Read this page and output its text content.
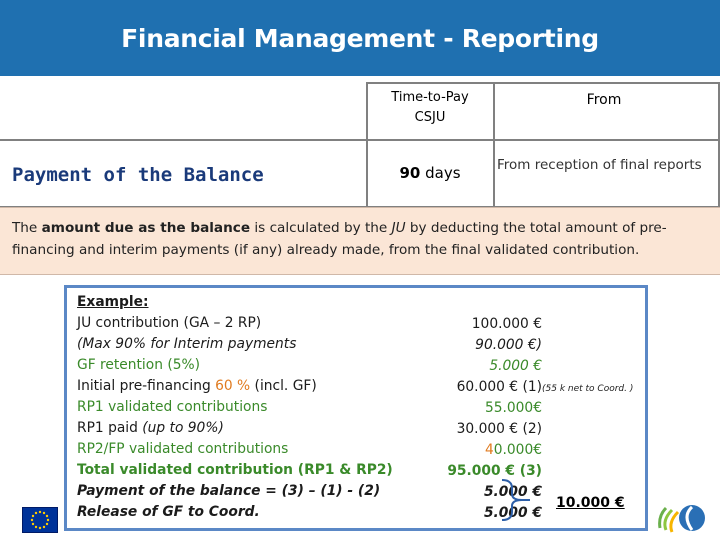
Financial Management - Reporting
Time-to-Pay
CSJU
From
Payment of the Balance	90 days	From reception of final reports
The amount due as the balance is calculated by the JU by deducting the total amount of pre-financing and interim payments (if any) already made, from the final validated contribution.
Example:
JU contribution (GA – 2 RP)
(Max 90% for Interim payments
GF retention (5%)
Initial pre-financing 60 % (incl. GF)
RP1 validated contributions
RP1 paid (up to 90%)
RP2/FP validated contributions
Total validated contribution (RP1 & RP2)
Payment of the balance = (3) – (1) - (2)
Release of GF to Coord.
100.000 €
90.000 €)
5.000 €
60.000 € (1)
55.000€
30.000 € (2)
40.000€
95.000 € (3)
5.000 €
5.000 €
(55 k net to Coord. )
10.000 €
